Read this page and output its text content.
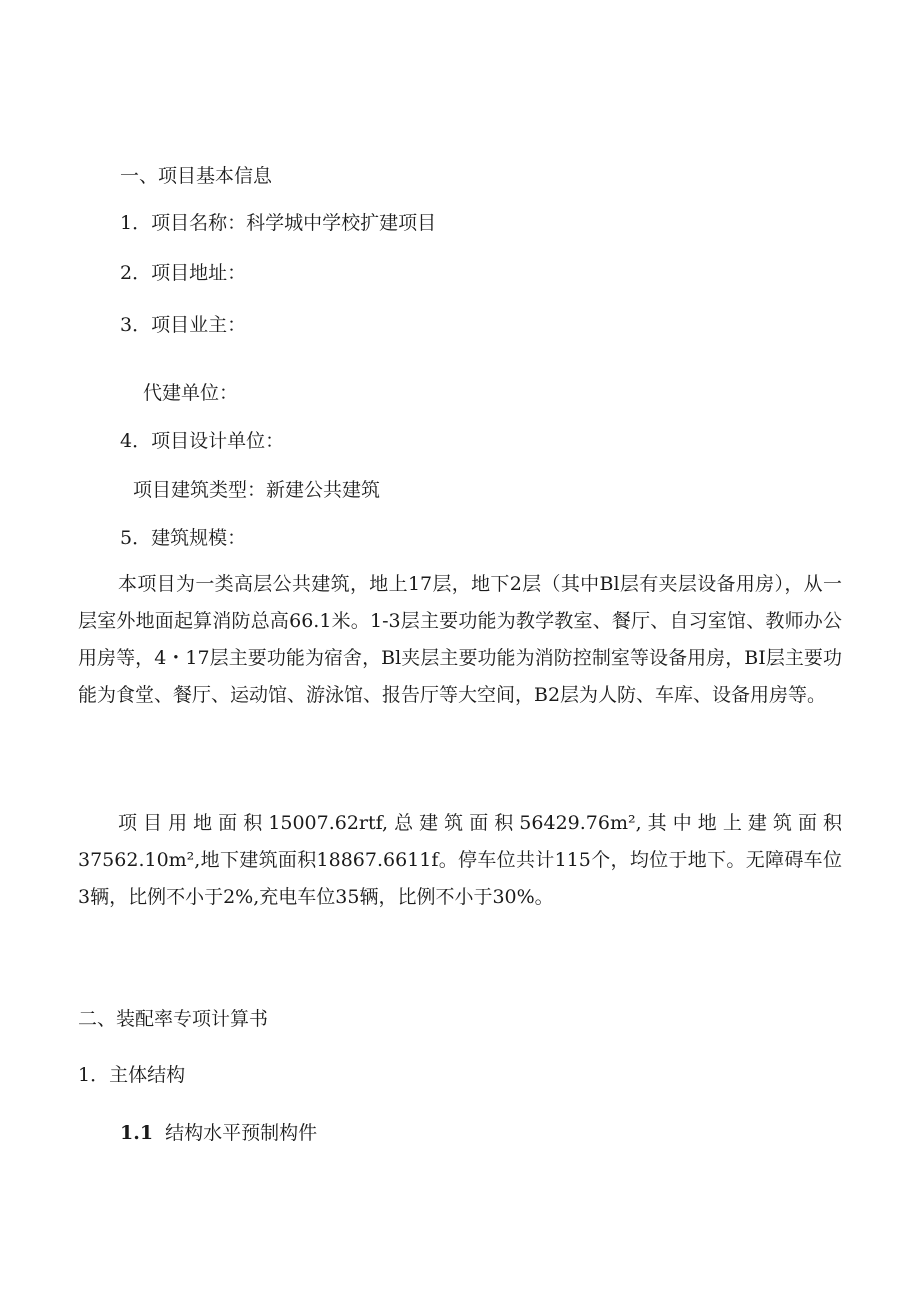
一、项目基本信息
1．项目名称：科学城中学校扩建项目
2．项目地址：
3．项目业主：
代建单位：
4．项目设计单位：
项目建筑类型：新建公共建筑
5．建筑规模：
本项目为一类高层公共建筑，地上17层，地下2层（其中Bl层有夹层设备用房），从一层室外地面起算消防总高66.1米。1-3层主要功能为教学教室、餐厅、自习室馆、教师办公用房等，4・17层主要功能为宿舍，Bl夹层主要功能为消防控制室等设备用房，BI层主要功能为食堂、餐厅、运动馆、游泳馆、报告厅等大空间，B2层为人防、车库、设备用房等。
项目用地面积15007.62rtf,总建筑面积56429.76m²,其中地上建筑面积37562.10m²,地下建筑面积18867.6611f。停车位共计115个，均位于地下。无障碍车位3辆，比例不小于2%,充电车位35辆，比例不小于30%。
二、装配率专项计算书
1．主体结构
1.1 结构水平预制构件
